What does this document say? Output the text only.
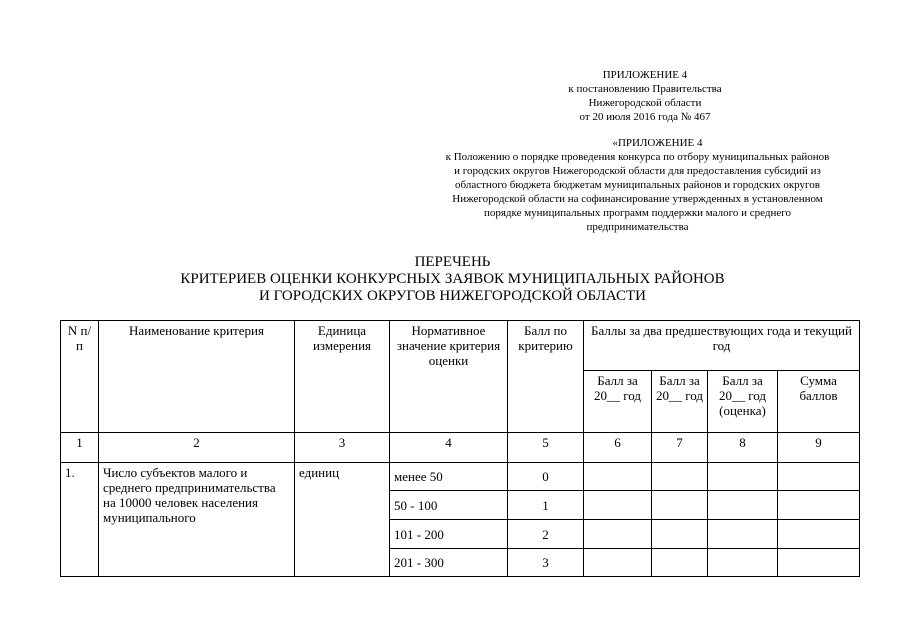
ПРИЛОЖЕНИЕ 4
к постановлению Правительства
Нижегородской области
от 20 июля 2016 года № 467
«ПРИЛОЖЕНИЕ 4
к Положению о порядке проведения конкурса по отбору муниципальных районов
и городских округов Нижегородской области для предоставления субсидий из
областного бюджета бюджетам муниципальных районов и городских округов
Нижегородской области на софинансирование утвержденных в установленном
порядке муниципальных программ поддержки малого и среднего
предпринимательства
ПЕРЕЧЕНЬ
КРИТЕРИЕВ ОЦЕНКИ КОНКУРСНЫХ ЗАЯВОК МУНИЦИПАЛЬНЫХ РАЙОНОВ
И ГОРОДСКИХ ОКРУГОВ НИЖЕГОРОДСКОЙ ОБЛАСТИ
N п/п	Наименование критерия	Единица измерения	Нормативное значение критерия оценки	Балл по критерию	Баллы за два предшествующих года и текущий год			
					Балл за 20__ год	Балл за 20__ год	Балл за 20__ год (оценка)	Сумма баллов
1	2	3	4	5	6	7	8	9
1.	Число субъектов малого и среднего предпринимательства на 10000 человек населения муниципального	единиц	менее 50	0				
			50 - 100	1				
			101 - 200	2				
			201 - 300	3				
